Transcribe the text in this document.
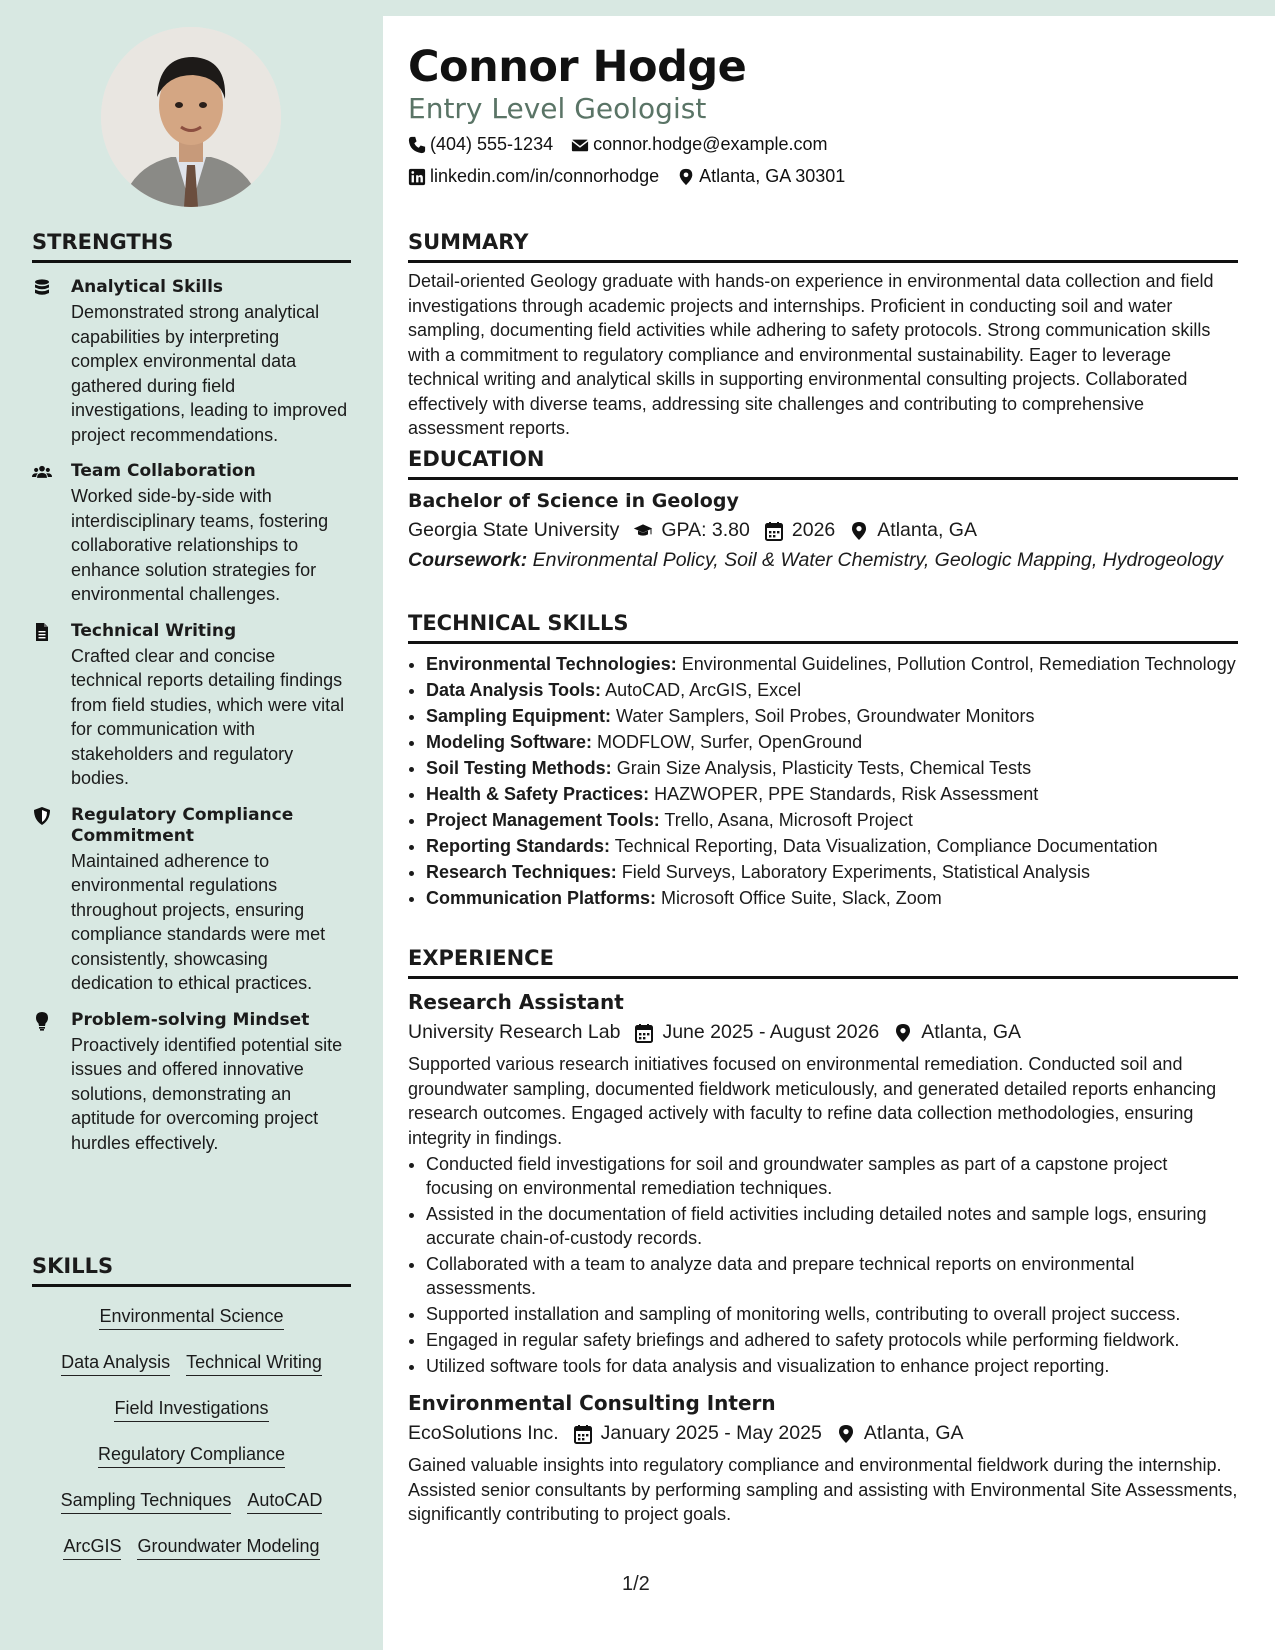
STRENGTHS
Analytical Skills
Demonstrated strong analytical capabilities by interpreting complex environmental data gathered during field investigations, leading to improved project recommendations.
Team Collaboration
Worked side-by-side with interdisciplinary teams, fostering collaborative relationships to enhance solution strategies for environmental challenges.
Technical Writing
Crafted clear and concise technical reports detailing findings from field studies, which were vital for communication with stakeholders and regulatory bodies.
Regulatory Compliance Commitment
Maintained adherence to environmental regulations throughout projects, ensuring compliance standards were met consistently, showcasing dedication to ethical practices.
Problem-solving Mindset
Proactively identified potential site issues and offered innovative solutions, demonstrating an aptitude for overcoming project hurdles effectively.
SKILLS
Environmental Science
Data Analysis Technical Writing
Field Investigations
Regulatory Compliance
Sampling Techniques AutoCAD
ArcGIS Groundwater Modeling
Connor Hodge
Entry Level Geologist
(404) 555-1234 connor.hodge@example.com
linkedin.com/in/connorhodge Atlanta, GA 30301
SUMMARY
Detail-oriented Geology graduate with hands-on experience in environmental data collection and field investigations through academic projects and internships. Proficient in conducting soil and water sampling, documenting field activities while adhering to safety protocols. Strong communication skills with a commitment to regulatory compliance and environmental sustainability. Eager to leverage technical writing and analytical skills in supporting environmental consulting projects. Collaborated effectively with diverse teams, addressing site challenges and contributing to comprehensive assessment reports.
EDUCATION
Bachelor of Science in Geology
Georgia State University GPA: 3.80 2026 Atlanta, GA
Coursework: Environmental Policy, Soil & Water Chemistry, Geologic Mapping, Hydrogeology
TECHNICAL SKILLS
• Environmental Technologies: Environmental Guidelines, Pollution Control, Remediation Technology
• Data Analysis Tools: AutoCAD, ArcGIS, Excel
• Sampling Equipment: Water Samplers, Soil Probes, Groundwater Monitors
• Modeling Software: MODFLOW, Surfer, OpenGround
• Soil Testing Methods: Grain Size Analysis, Plasticity Tests, Chemical Tests
• Health & Safety Practices: HAZWOPER, PPE Standards, Risk Assessment
• Project Management Tools: Trello, Asana, Microsoft Project
• Reporting Standards: Technical Reporting, Data Visualization, Compliance Documentation
• Research Techniques: Field Surveys, Laboratory Experiments, Statistical Analysis
• Communication Platforms: Microsoft Office Suite, Slack, Zoom
EXPERIENCE
Research Assistant
University Research Lab June 2025 - August 2026 Atlanta, GA
Supported various research initiatives focused on environmental remediation. Conducted soil and groundwater sampling, documented fieldwork meticulously, and generated detailed reports enhancing research outcomes. Engaged actively with faculty to refine data collection methodologies, ensuring integrity in findings.
• Conducted field investigations for soil and groundwater samples as part of a capstone project focusing on environmental remediation techniques.
• Assisted in the documentation of field activities including detailed notes and sample logs, ensuring accurate chain-of-custody records.
• Collaborated with a team to analyze data and prepare technical reports on environmental assessments.
• Supported installation and sampling of monitoring wells, contributing to overall project success.
• Engaged in regular safety briefings and adhered to safety protocols while performing fieldwork.
• Utilized software tools for data analysis and visualization to enhance project reporting.
Environmental Consulting Intern
EcoSolutions Inc. January 2025 - May 2025 Atlanta, GA
Gained valuable insights into regulatory compliance and environmental fieldwork during the internship. Assisted senior consultants by performing sampling and assisting with Environmental Site Assessments, significantly contributing to project goals.
1/2
